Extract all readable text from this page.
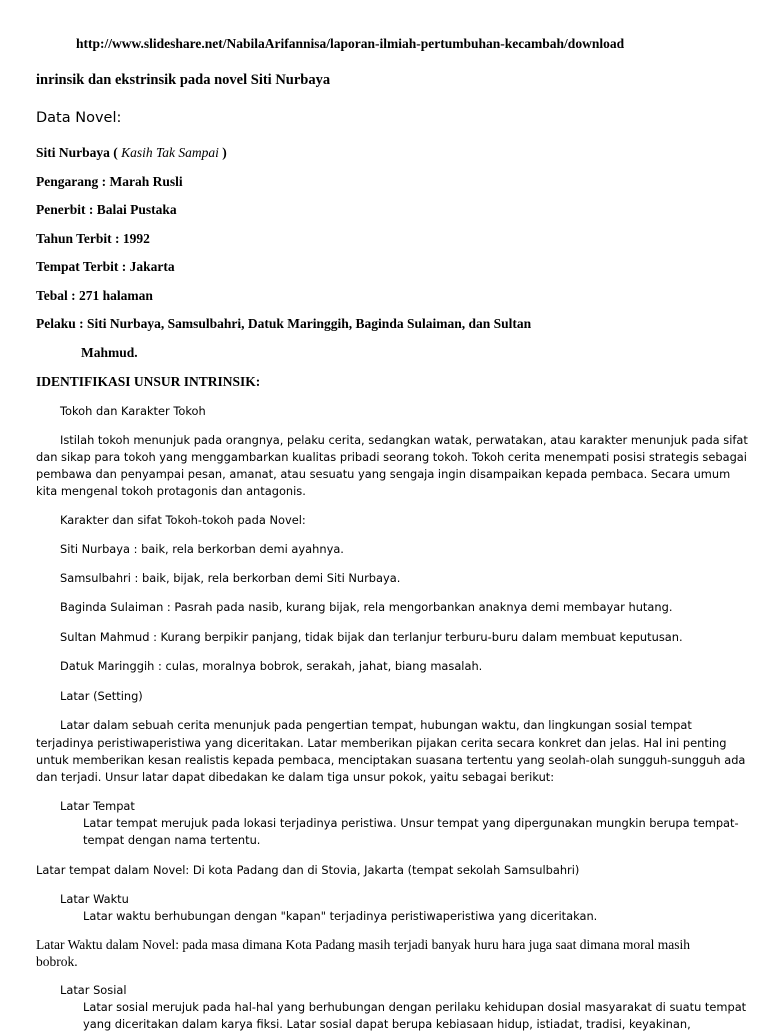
http://www.slideshare.net/NabilaArifannisa/laporan-ilmiah-pertumbuhan-kecambah/download
inrinsik dan ekstrinsik pada novel Siti Nurbaya
Data Novel:
Siti Nurbaya ( Kasih Tak Sampai )
Pengarang : Marah Rusli
Penerbit : Balai Pustaka
Tahun Terbit : 1992
Tempat Terbit : Jakarta
Tebal : 271 halaman
Pelaku : Siti Nurbaya, Samsulbahri, Datuk Maringgih, Baginda Sulaiman, dan Sultan
Mahmud.
IDENTIFIKASI UNSUR INTRINSIK:
Tokoh dan Karakter Tokoh
Istilah tokoh menunjuk pada orangnya, pelaku cerita, sedangkan watak, perwatakan, atau karakter menunjuk pada sifat
dan sikap para tokoh yang menggambarkan kualitas pribadi seorang tokoh. Tokoh cerita menempati posisi strategis sebagai
pembawa dan penyampai pesan, amanat, atau sesuatu yang sengaja ingin disampaikan kepada pembaca. Secara umum
kita mengenal tokoh protagonis dan antagonis.
Karakter dan sifat Tokoh-tokoh pada Novel:
Siti Nurbaya : baik, rela berkorban demi ayahnya.
Samsulbahri : baik, bijak, rela berkorban demi Siti Nurbaya.
Baginda Sulaiman : Pasrah pada nasib, kurang bijak, rela mengorbankan anaknya demi membayar hutang.
Sultan Mahmud : Kurang berpikir panjang, tidak bijak dan terlanjur terburu-buru dalam membuat keputusan.
Datuk Maringgih : culas, moralnya bobrok, serakah, jahat, biang masalah.
Latar (Setting)
Latar dalam sebuah cerita menunjuk pada pengertian tempat, hubungan waktu, dan lingkungan sosial tempat
terjadinya peristiwaperistiwa yang diceritakan. Latar memberikan pijakan cerita secara konkret dan jelas. Hal ini penting
untuk memberikan kesan realistis kepada pembaca, menciptakan suasana tertentu yang seolah-olah sungguh-sungguh ada
dan terjadi. Unsur latar dapat dibedakan ke dalam tiga unsur pokok, yaitu sebagai berikut:
Latar Tempat
Latar tempat merujuk pada lokasi terjadinya peristiwa. Unsur tempat yang dipergunakan mungkin berupa tempat-
tempat dengan nama tertentu.
Latar tempat dalam Novel: Di kota Padang dan di Stovia, Jakarta (tempat sekolah Samsulbahri)
Latar Waktu
Latar waktu berhubungan dengan "kapan" terjadinya peristiwaperistiwa yang diceritakan.
Latar Waktu dalam Novel: pada masa dimana Kota Padang masih terjadi banyak huru hara juga saat dimana moral masih
bobrok.
Latar Sosial
Latar sosial merujuk pada hal-hal yang berhubungan dengan perilaku kehidupan dosial masyarakat di suatu tempat
yang diceritakan dalam karya fiksi. Latar sosial dapat berupa kebiasaan hidup, istiadat, tradisi, keyakinan,
